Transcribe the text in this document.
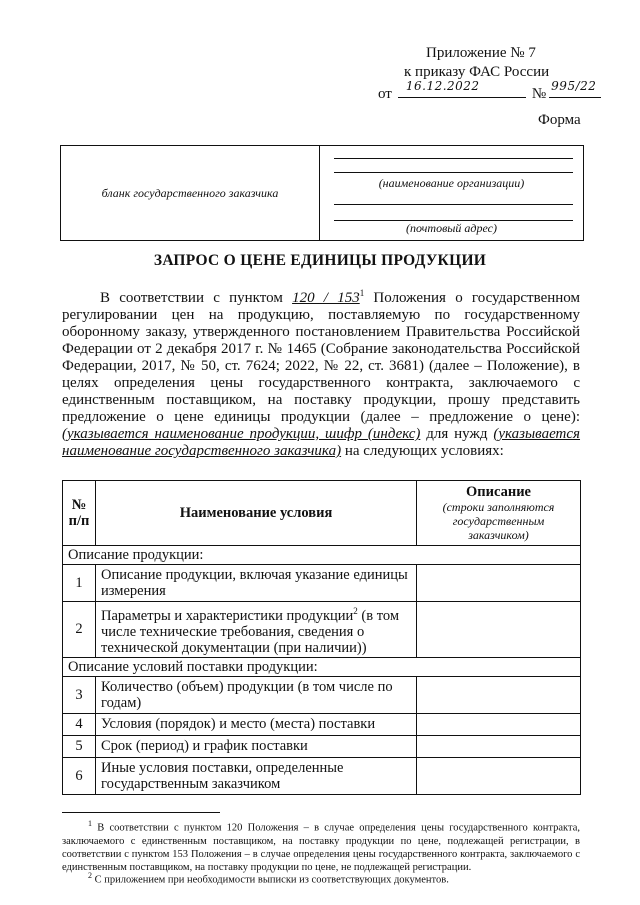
Приложение № 7
к приказу ФАС России
от 16.12.2022	№ 995/22
Форма
бланк государственного заказчика
(наименование организации)
(почтовый адрес)
ЗАПРОС О ЦЕНЕ ЕДИНИЦЫ ПРОДУКЦИИ
В соответствии с пунктом $120 / 153^1$ Положения о государственном регулировании цен на продукцию, поставляемую по государственному оборонному заказу, утвержденного постановлением Правительства Российской Федерации от 2 декабря 2017 г. № 1465 (Собрание законодательства Российской Федерации, 2017, № 50, ст. 7624; 2022, № 22, ст. 3681) (далее – Положение), в целях определения цены государственного контракта, заключаемого с единственным поставщиком, на поставку продукции, прошу представить предложение о цене единицы продукции (далее – предложение о цене): (указывается наименование продукции, шифр (индекс) для нужд (указывается наименование государственного заказчика) на следующих условиях:
№ п/п	Наименование условия	Описание
(строки заполняются государственным заказчиком)

Описание продукции:		
1	Описание продукции, включая указание единицы измерения	
2	Параметры и характеристики продукции$^2$ (в том числе технические требования, сведения о технической документации (при наличии))	
Описание условий поставки продукции:		
3	Количество (объем) продукции (в том числе по годам)	
4	Условия (порядок) и место (места) поставки	
5	Срок (период) и график поставки	
6	Иные условия поставки, определенные государственным заказчиком	
$^1$ В соответствии с пунктом 120 Положения – в случае определения цены государственного контракта, заключаемого с единственным поставщиком, на поставку продукции по цене, подлежащей регистрации, в соответствии с пунктом 153 Положения – в случае определения цены государственного контракта, заключаемого с единственным поставщиком, на поставку продукции по цене, не подлежащей регистрации.
$^2$ С приложением при необходимости выписки из соответствующих документов.
